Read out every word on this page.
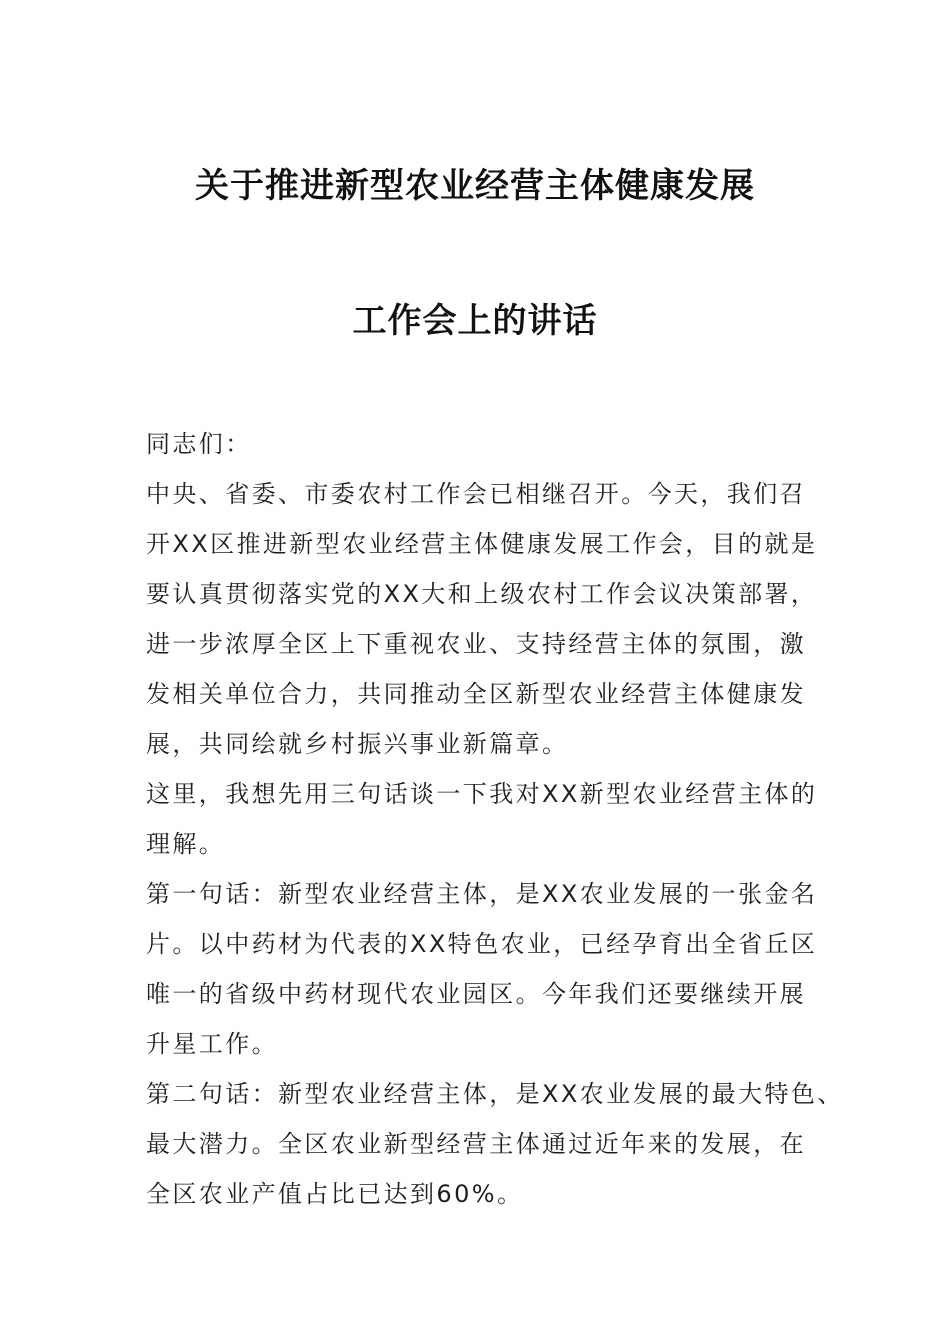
关于推进新型农业经营主体健康发展
工作会上的讲话
同志们：
中央、省委、市委农村工作会已相继召开。今天，我们召
开XX区推进新型农业经营主体健康发展工作会，目的就是
要认真贯彻落实党的XX大和上级农村工作会议决策部署，
进一步浓厚全区上下重视农业、支持经营主体的氛围，激
发相关单位合力，共同推动全区新型农业经营主体健康发
展，共同绘就乡村振兴事业新篇章。
这里，我想先用三句话谈一下我对XX新型农业经营主体的
理解。
第一句话：新型农业经营主体，是XX农业发展的一张金名
片。以中药材为代表的XX特色农业，已经孕育出全省丘区
唯一的省级中药材现代农业园区。今年我们还要继续开展
升星工作。
第二句话：新型农业经营主体，是XX农业发展的最大特色、
最大潜力。全区农业新型经营主体通过近年来的发展，在
全区农业产值占比已达到60%。
